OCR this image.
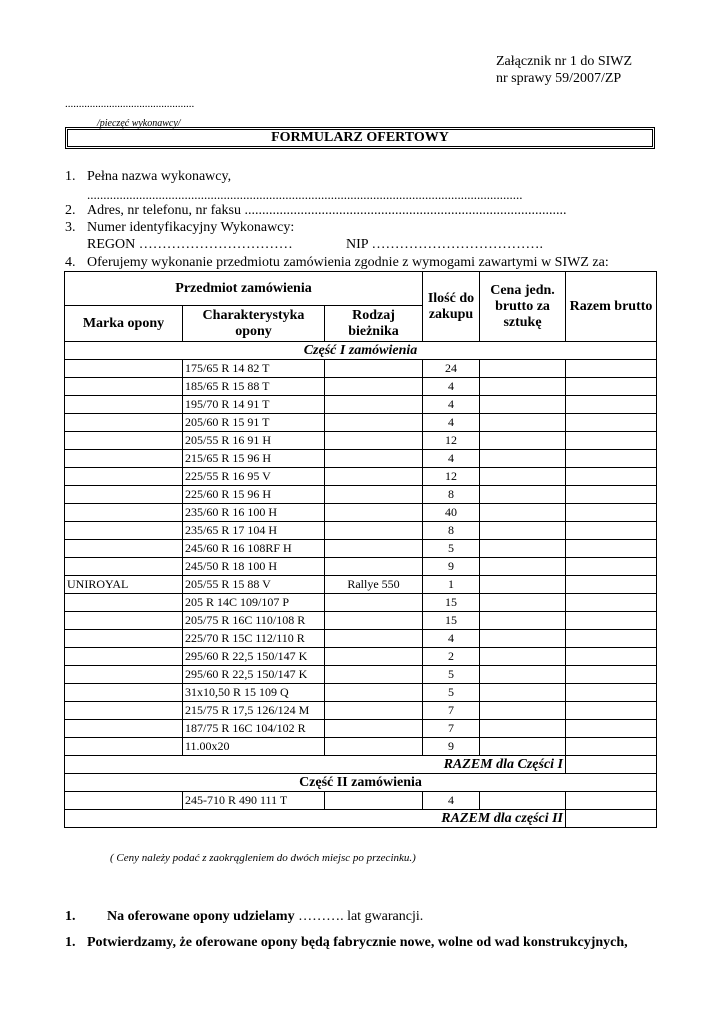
Załącznik nr 1 do SIWZ
nr sprawy 59/2007/ZP
...............................................
/pieczęć wykonawcy/
FORMULARZ OFERTOWY
1. Pełna nazwa wykonawcy,
......................................................................................................................................
2. Adres, nr telefonu, nr faksu ............................................................................................
3. Numer identyfikacyjny Wykonawcy:
REGON ……………………………	NIP ……………………………….
4. Oferujemy wykonanie przedmiotu zamówienia zgodnie z wymogami zawartymi w SIWZ za:
Przedmiot zamówienia			Ilość do zakupu	Cena jedn. brutto za sztukę	Razem brutto
Marka opony	Charakterystyka opony	Rodzaj bieżnika			
Część I zamówienia					
	175/65 R 14 82 T		24		
	185/65 R 15 88 T		4		
	195/70 R 14 91 T		4		
	205/60 R 15 91 T		4		
	205/55 R 16 91 H		12		
	215/65 R 15 96 H		4		
	225/55 R 16 95 V		12		
	225/60 R 15 96 H		8		
	235/60 R 16 100 H		40		
	235/65 R 17 104 H		8		
	245/60 R 16 108RF H		5		
	245/50 R 18 100 H		9		
UNIROYAL	205/55 R 15 88 V	Rallye 550	1		
	205 R 14C 109/107 P		15		
	205/75 R 16C 110/108 R		15		
	225/70 R 15C 112/110 R		4		
	295/60 R 22,5 150/147 K		2		
	295/60 R 22,5 150/147 K		5		
	31x10,50 R 15 109 Q		5		
	215/75 R 17,5 126/124 M		7		
	187/75 R 16C 104/102 R		7		
	11.00x20		9		
RAZEM dla Części I					
Część II zamówienia					
	245-710 R 490 111 T		4		
RAZEM dla części II					
( Ceny należy podać z zaokrągleniem do dwóch miejsc po przecinku.)
1. Na oferowane opony udzielamy ………. lat gwarancji.
1. Potwierdzamy, że oferowane opony będą fabrycznie nowe, wolne od wad konstrukcyjnych,
